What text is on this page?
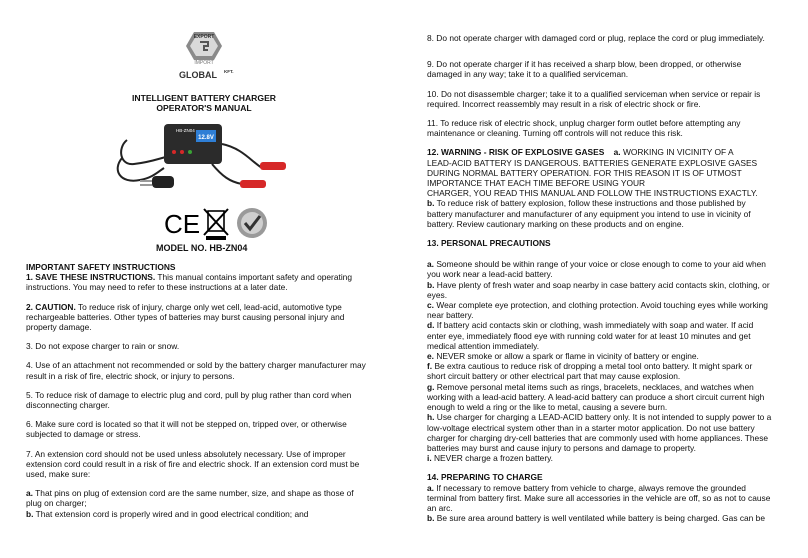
EXPORT
IMPORT
GLOBAL KFT.
INTELLIGENT BATTERY CHARGER
OPERATOR'S MANUAL
12.8V
HB-ZN04
CE
MODEL NO. HB-ZN04
IMPORTANT SAFETY INSTRUCTIONS
1. SAVE THESE INSTRUCTIONS. This manual contains important safety and operating
instructions. You may need to refer to these instructions at a later date.
2. CAUTION. To reduce risk of injury, charge only wet cell, lead-acid, automotive type
rechargeable batteries. Other types of batteries may burst causing personal injury and
property damage.
3. Do not expose charger to rain or snow.
4. Use of an attachment not recommended or sold by the battery charger manufacturer may
result in a risk of fire, electric shock, or injury to persons.
5. To reduce risk of damage to electric plug and cord, pull by plug rather than cord when
disconnecting charger.
6. Make sure cord is located so that it will not be stepped on, tripped over, or otherwise
subjected to damage or stress.
7. An extension cord should not be used unless absolutely necessary. Use of improper
extension cord could result in a risk of fire and electric shock. If an extension cord must be
used, make sure:
a. That pins on plug of extension cord are the same number, size, and shape as those of
plug on charger;
b. That extension cord is properly wired and in good electrical condition; and
8. Do not operate charger with damaged cord or plug, replace the cord or plug immediately.
9. Do not operate charger if it has received a sharp blow, been dropped, or otherwise
damaged in any way; take it to a qualified serviceman.
10. Do not disassemble charger; take it to a qualified serviceman when service or repair is
required. Incorrect reassembly may result in a risk of electric shock or fire.
11. To reduce risk of electric shock, unplug charger form outlet before attempting any
maintenance or cleaning. Turning off controls will not reduce this risk.
12. WARNING - RISK OF EXPLOSIVE GASES a. WORKING IN VICINITY OF A
LEAD-ACID BATTERY IS DANGEROUS. BATTERIES GENERATE EXPLOSIVE GASES
DURING NORMAL BATTERY OPERATION. FOR THIS REASON IT IS OF UTMOST
IMPORTANCE THAT EACH TIME BEFORE USING YOUR
CHARGER, YOU READ THIS MANUAL AND FOLLOW THE INSTRUCTIONS EXACTLY.
b. To reduce risk of battery explosion, follow these instructions and those published by
battery manufacturer and manufacturer of any equipment you intend to use in vicinity of
battery. Review cautionary marking on these products and on engine.
13. PERSONAL PRECAUTIONS
a. Someone should be within range of your voice or close enough to come to your aid when
you work near a lead-acid battery.
b. Have plenty of fresh water and soap nearby in case battery acid contacts skin, clothing, or
eyes.
c. Wear complete eye protection, and clothing protection. Avoid touching eyes while working
near battery.
d. If battery acid contacts skin or clothing, wash immediately with soap and water. If acid
enter eye, immediately flood eye with running cold water for at least 10 minutes and get
medical attention immediately.
e. NEVER smoke or allow a spark or flame in vicinity of battery or engine.
f. Be extra cautious to reduce risk of dropping a metal tool onto battery. It might spark or
short circuit battery or other electrical part that may cause explosion.
g. Remove personal metal items such as rings, bracelets, necklaces, and watches when
working with a lead-acid battery. A lead-acid battery can produce a short circuit current high
enough to weld a ring or the like to metal, causing a severe burn.
h. Use charger for charging a LEAD-ACID battery only. It is not intended to supply power to a
low-voltage electrical system other than in a starter motor application. Do not use battery
charger for charging dry-cell batteries that are commonly used with home appliances. These
batteries may burst and cause injury to persons and damage to property.
i. NEVER charge a frozen battery.
14. PREPARING TO CHARGE
a. If necessary to remove battery from vehicle to charge, always remove the grounded
terminal from battery first. Make sure all accessories in the vehicle are off, so as not to cause
an arc.
b. Be sure area around battery is well ventilated while battery is being charged. Gas can be
